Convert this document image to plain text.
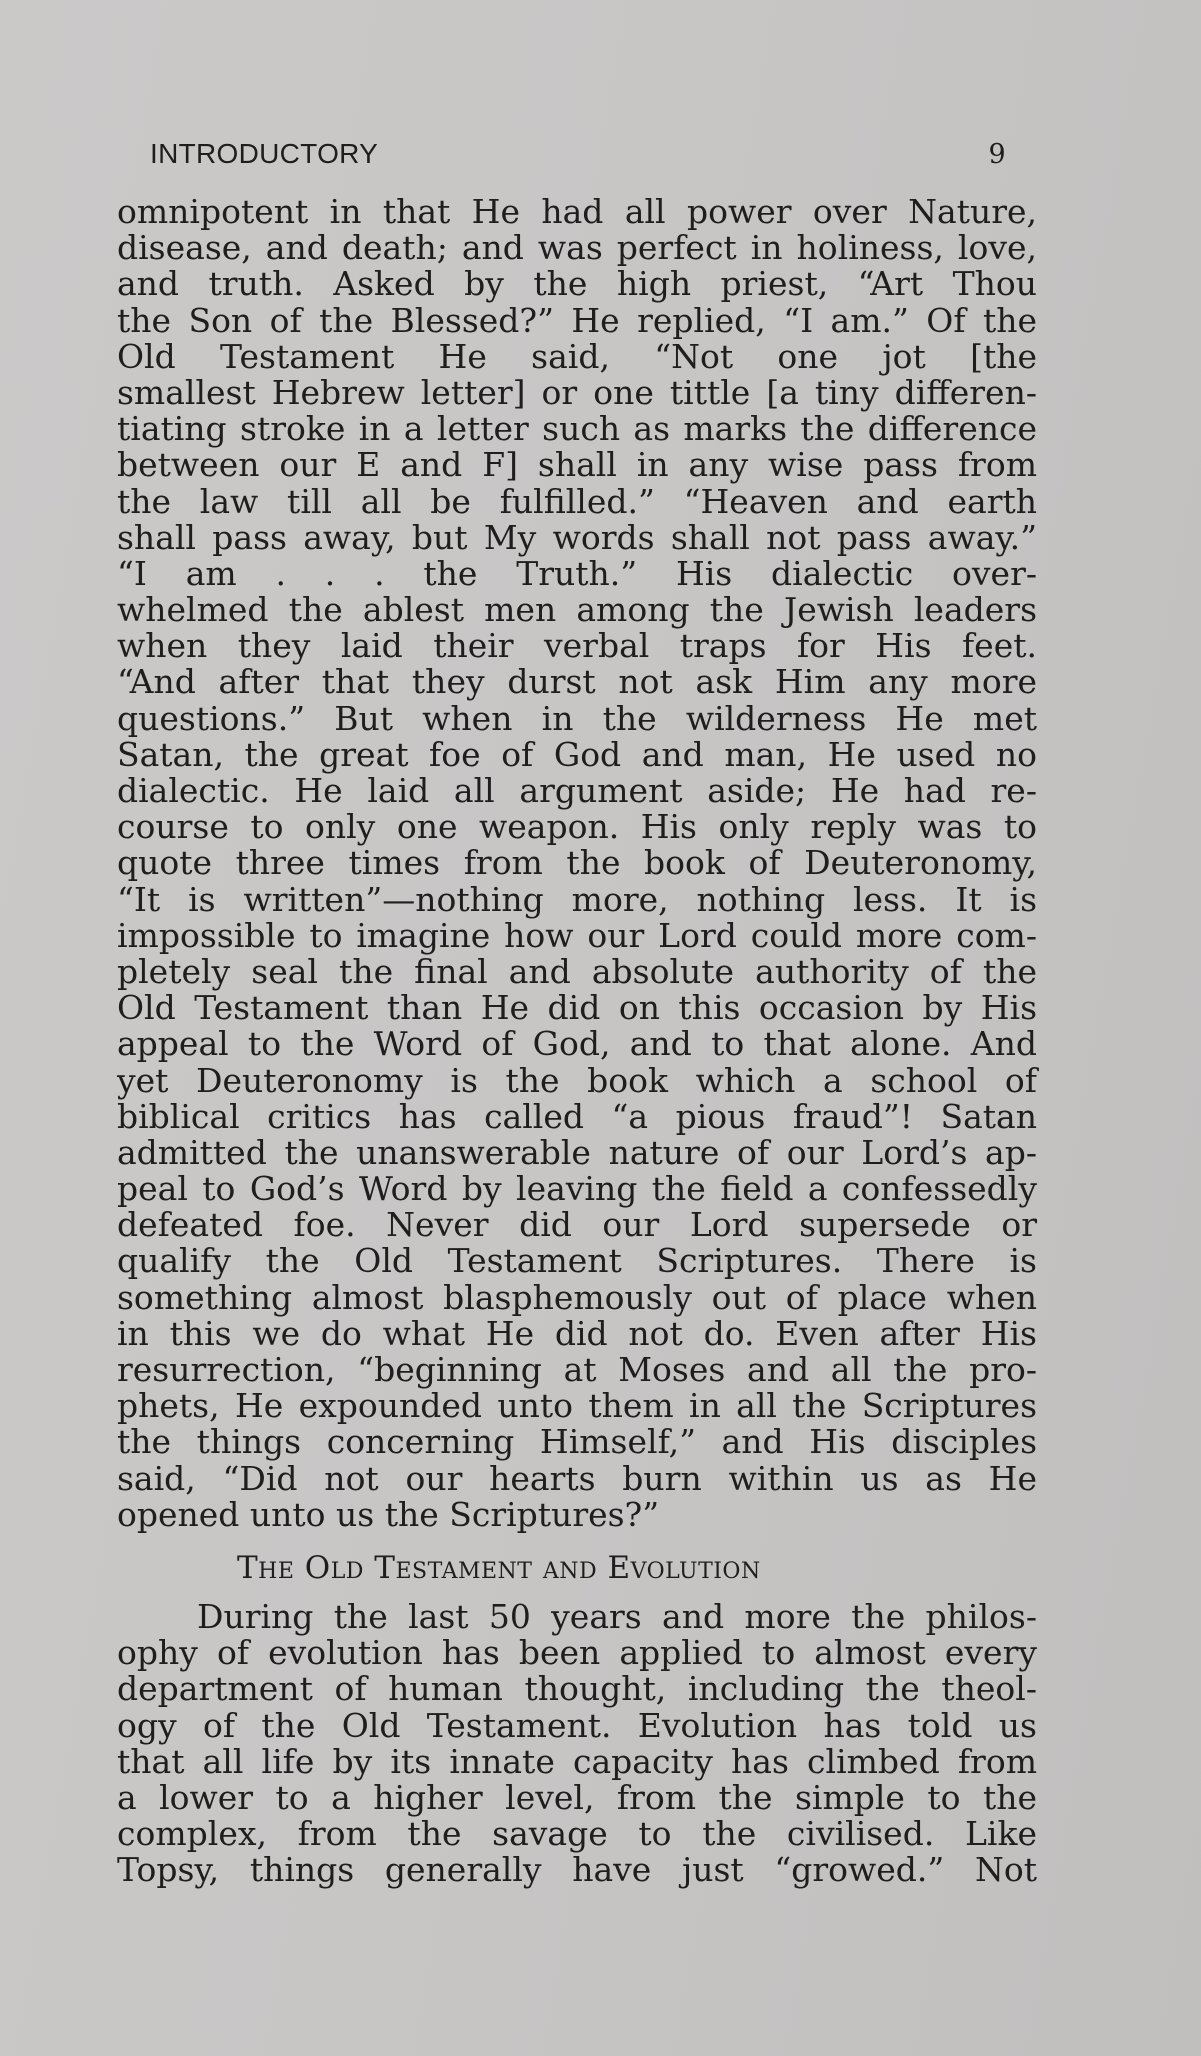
INTRODUCTORY	9
omnipotent in that He had all power over Nature,
disease, and death; and was perfect in holiness, love,
and truth. Asked by the high priest, “Art Thou
the Son of the Blessed?” He replied, “I am.” Of the
Old Testament He said, “Not one jot [the
smallest Hebrew letter] or one tittle [a tiny differen-
tiating stroke in a letter such as marks the difference
between our E and F] shall in any wise pass from
the law till all be fulfilled.” “Heaven and earth
shall pass away, but My words shall not pass away.”
“I am . . . the Truth.” His dialectic over-
whelmed the ablest men among the Jewish leaders
when they laid their verbal traps for His feet.
“And after that they durst not ask Him any more
questions.” But when in the wilderness He met
Satan, the great foe of God and man, He used no
dialectic. He laid all argument aside; He had re-
course to only one weapon. His only reply was to
quote three times from the book of Deuteronomy,
“It is written”—nothing more, nothing less. It is
impossible to imagine how our Lord could more com-
pletely seal the final and absolute authority of the
Old Testament than He did on this occasion by His
appeal to the Word of God, and to that alone. And
yet Deuteronomy is the book which a school of
biblical critics has called “a pious fraud”! Satan
admitted the unanswerable nature of our Lord’s ap-
peal to God’s Word by leaving the field a confessedly
defeated foe. Never did our Lord supersede or
qualify the Old Testament Scriptures. There is
something almost blasphemously out of place when
in this we do what He did not do. Even after His
resurrection, “beginning at Moses and all the pro-
phets, He expounded unto them in all the Scriptures
the things concerning Himself,” and His disciples
said, “Did not our hearts burn within us as He
opened unto us the Scriptures?”
The Old Testament and Evolution
During the last 50 years and more the philos-
ophy of evolution has been applied to almost every
department of human thought, including the theol-
ogy of the Old Testament. Evolution has told us
that all life by its innate capacity has climbed from
a lower to a higher level, from the simple to the
complex, from the savage to the civilised. Like
Topsy, things generally have just “growed.” Not
